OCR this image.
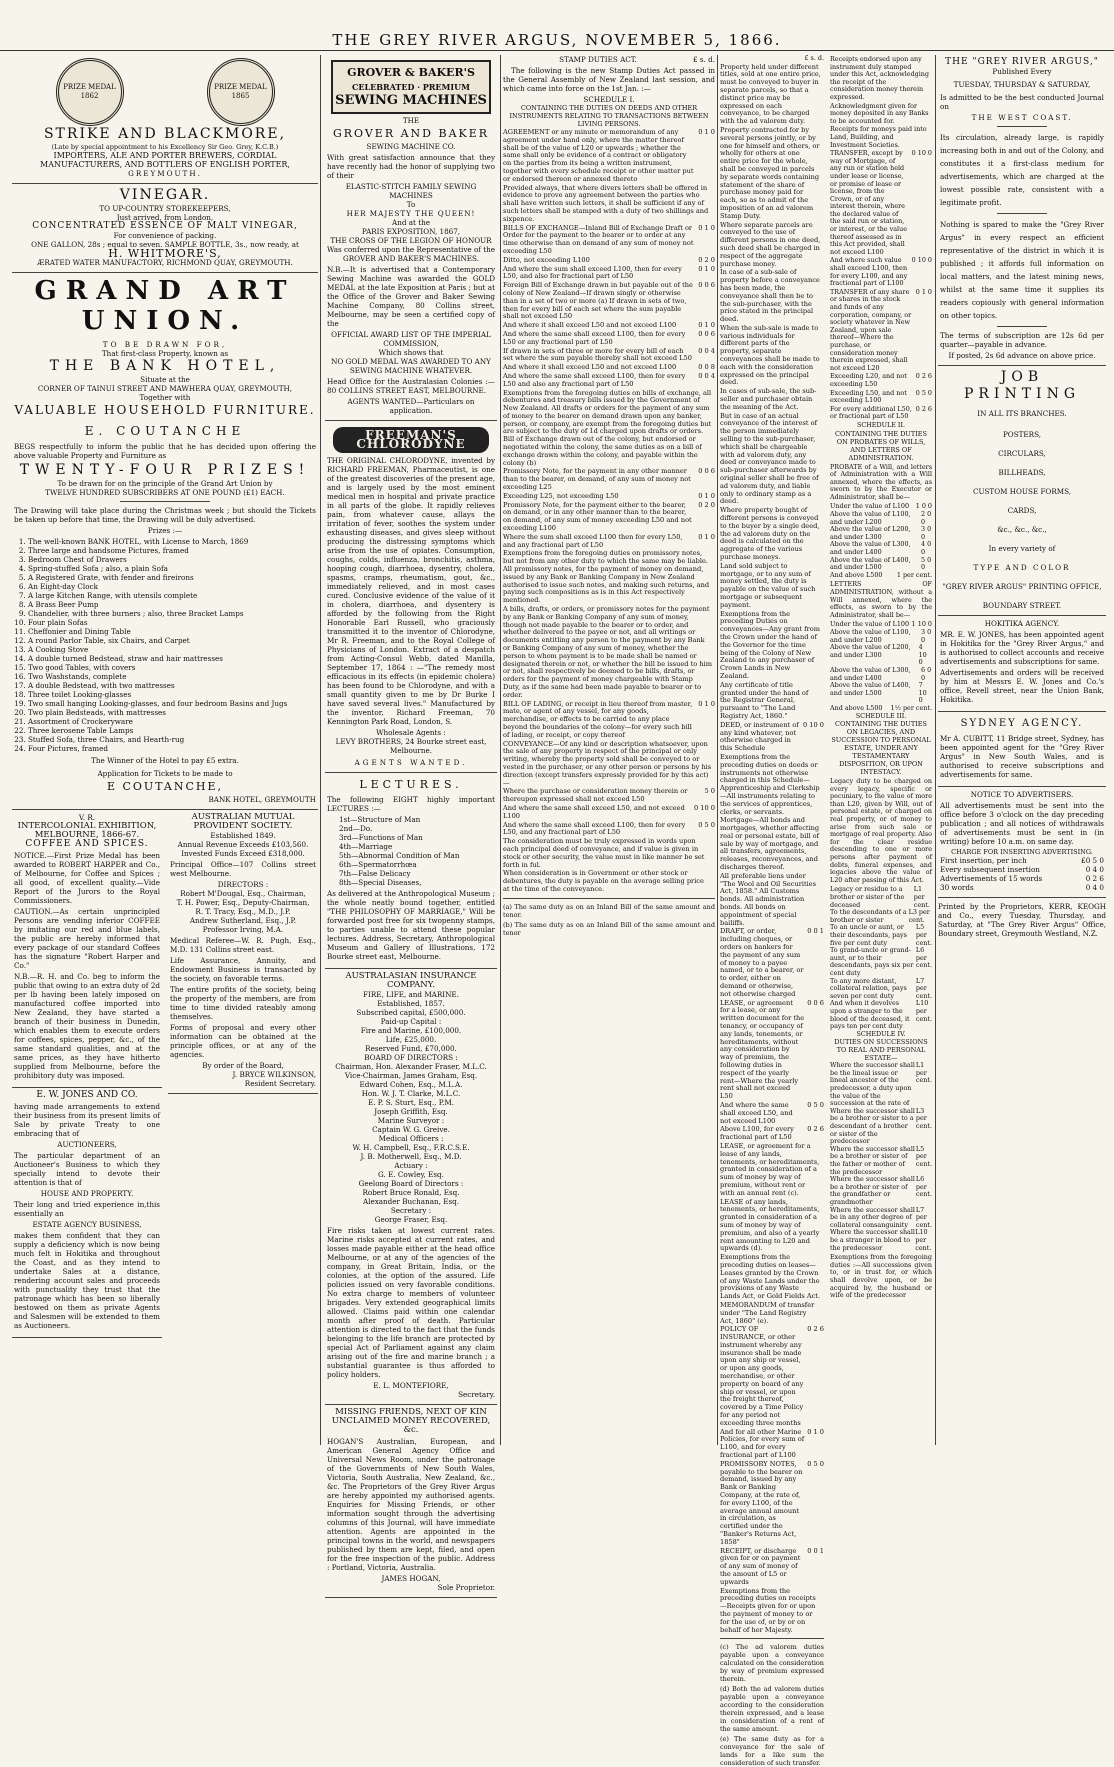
THE GREY RIVER ARGUS, NOVEMBER 5, 1866.
PRIZE MEDAL 1862
PRIZE MEDAL 1865
STRIKE AND BLACKMORE,
(Late by special appointment to his Excellency Sir Geo. Grey, K.C.B.)
IMPORTERS, ALE AND PORTER BREWERS, CORDIAL MANUFACTURERS, AND BOTTLERS OF ENGLISH PORTER,
GREYMOUTH.
VINEGAR.
TO UP-COUNTRY STOREKEEPERS,
Just arrived, from London,
CONCENTRATED ESSENCE OF MALT VINEGAR,
For convenience of packing.
ONE GALLON, 28s ; equal to seven. SAMPLE BOTTLE, 3s., now ready, at
H. WHITMORE'S,
ÆRATED WATER MANUFACTORY, RICHMOND QUAY, GREYMOUTH.
GRAND ART UNION.
TO BE DRAWN FOR,
That first-class Property, known as
THE BANK HOTEL,
Situate at the
CORNER OF TAINUI STREET AND MAWHERA QUAY, GREYMOUTH,
Together with
VALUABLE HOUSEHOLD FURNITURE.
E. COUTANCHE
BEGS respectfully to inform the public that he has decided upon offering the above valuable Property and Furniture as
TWENTY-FOUR PRIZES!
To be drawn for on the principle of the Grand Art Union by
TWELVE HUNDRED SUBSCRIBERS AT ONE POUND (£1) EACH.
The Drawing will take place during the Christmas week ; but should the Tickets be taken up before that time, the Drawing will be duly advertised.
Prizes :—
1. The well-known BANK HOTEL, with License to March, 1869
2. Three large and handsome Pictures, framed
3. Bedroom Chest of Drawers
4. Spring-stuffed Sofa ; also, a plain Sofa
5. A Registered Grate, with fender and fireirons
6. An Eight-day Clock
7. A large Kitchen Range, with utensils complete
8. A Brass Beer Pump
9. Chandelier, with three burners ; also, three Bracket Lamps
10. Four plain Sofas
11. Cheffonier and Dining Table
12. A round Parlor Table, six Chairs, and Carpet
13. A Cooking Stove
14. A double turned Bedstead, straw and hair mattresses
15. Two good Tables, with covers
16. Two Washstands, complete
17. A double Bedstead, with two mattresses
18. Three toilet Looking-glasses
19. Two small hanging Looking-glasses, and four bedroom Basins and Jugs
20. Two plain Bedsteads, with mattresses
21. Assortment of Crockeryware
22. Three kerosene Table Lamps
23. Stuffed Sofa, three Chairs, and Hearth-rug
24. Four Pictures, framed
The Winner of the Hotel to pay £5 extra.
Application for Tickets to be made to
E COUTANCHE,
BANK HOTEL, GREYMOUTH
V. R.
INTERCOLONIAL EXHIBITION, MELBOURNE, 1866-67.
COFFEE AND SPICES.
NOTICE.—First Prize Medal has been awarded to ROBERT HARPER and Co., of Melbourne, for Coffee and Spices ; all good, of excellent quality.—Vide Report of the Jurors to the Royal Commissioners.
CAUTION.—As certain unprincipled Persons are vending inferior COFFEE by imitating our red and blue labels, the public are hereby informed that every package of our standard Coffees has the signature "Robert Harper and Co."
N.B.—R. H. and Co. beg to inform the public that owing to an extra duty of 2d per lb having been lately imposed on manufactured coffee imported into New Zealand, they have started a branch of their business in Dunedin, which enables them to execute orders for coffees, spices, pepper, &c., of the same standard qualities, and at the same prices, as they have hitherto supplied from Melbourne, before the prohibitory duty was imposed.
E. W. JONES AND CO.
having made arrangements to extend their business from its present limits of Sale by private Treaty to one embracing that of
AUCTIONEERS,
The particular department of an Auctioneer's Business to which they specially intend to devote their attention is that of
HOUSE AND PROPERTY.
Their long and tried experience in,this essentially an
ESTATE AGENCY BUSINESS,
makes them confident that they can supply a deficiency which is now being much felt in Hokitika and throughout the Coast, and as they intend to undertake Sales at a distance, rendering account sales and proceeds with punctuality they trust that the patronage which has been so liberally bestowed on them as private Agents and Salesmen will be extended to them as Auctioneers.
AUSTRALIAN MUTUAL PROVIDENT SOCIETY.
Established 1849.
Annual Revenue Exceeds £103,560.
Invested Funds Exceed £318,000.
Principal Office—107 Collins street west Melbourne.
DIRECTORS :
Robert M'Dougal, Esq., Chairman,
T. H. Power, Esq., Deputy-Chairman,
R. T. Tracy, Esq., M.D., J.P.
Andrew Sutherland, Esq., J.P.
Professor Irving, M.A.
Medical Referee—W. R. Pugh, Esq., M.D. 131 Collins street east.
Life Assurance, Annuity, and Endowment Business is transacted by the society, on favorable terms.
The entire profits of the society, being the property of the members, are from time to time divided rateably among themselves.
Forms of proposal and every other information can be obtained at the principle offices, or at any of the agencies.
By order of the Board,
J. BRYCE WILKINSON,
Resident Secretary.
GROVER & BAKER'S
CELEBRATED · PREMIUM
SEWING MACHINES
THE
GROVER AND BAKER
SEWING MACHINE CO.
With great satisfaction announce that they have recently had the honor of supplying two of their
ELASTIC-STITCH FAMILY SEWING MACHINES
To
HER MAJESTY THE QUEEN!
And at the
PARIS EXPOSITION, 1867,
THE CROSS OF THE LEGION OF HONOUR
Was conferred upon the Representative of the
GROVER AND BAKER'S MACHINES.
N.B.—It is advertised that a Contemporary Sewing Machine was awarded the GOLD MEDAL at the late Exposition at Paris ; but at the Office of the Grover and Baker Sewing Machine Company, 80 Collins street, Melbourne, may be seen a certified copy of the
OFFICIAL AWARD LIST OF THE IMPERIAL COMMISSION,
Which shows that
NO GOLD MEDAL WAS AWARDED TO ANY SEWING MACHINE WHATEVER.
Head Office for the Australasian Colonies :— 80 COLLINS STREET EAST, MELBOURNE.
AGENTS WANTED—Particulars on application.
FREEMAN'S CHLORODYNE
THE ORIGINAL CHLORODYNE, invented by RICHARD FREEMAN, Pharmaceutist, is one of the greatest discoveries of the present age, and is largely used by the most eminent medical men in hospital and private practice in all parts of the globe. It rapidly relieves pain, from whatever cause, allays the irritation of fever, soothes the system under exhausting diseases, and gives sleep without producing the distressing symptoms which arise from the use of opiates. Consumption, coughs, colds, influenza, bronchitis, asthma, hooping cough, diarrhoea, dysentry, cholera, spasms, cramps, rheumatism, gout, &c., immediately relieved, and in most cases cured. Conclusive evidence of the value of it in cholera, diarrhoea, and dysentery is afforded by the following from the Right Honorable Earl Russell, who graciously transmitted it to the inventor of Chlorodyne, Mr R. Freeman, and to the Royal College of Physicians of London. Extract of a despatch from Acting-Consul Webb, dated Manilla, September 17, 1864 : —"The remedy most efficacious in its effects (in epidemic cholera) has been found to be Chlorodyne, and with a small quantity given to me by Dr Burke I have saved several lives." Manufactured by the inventor, Richard Freeman, 70 Kennington Park Road, London, S.
Wholesale Agents :
LEVY BROTHERS, 24 Bourke street east, Melbourne.
AGENTS WANTED.
LECTURES.
The following EIGHT highly important LECTURES :—
1st—Structure of Man
2nd—Do.
3rd—Functions of Man
4th—Marriage
5th—Abnormal Condition of Man
6th—Spermatorrhœa
7th—False Delicacy
8th—Special Diseases,
As delivered at the Anthropological Museum ; the whole neatly bound together, entitled "THE PHILOSOPHY OF MARRIAGE," Will be forwarded post free for six twopenny stamps, to parties unable to attend these popular lectures. Address, Secretary, Anthropological Museum and Gallery of Illustrations, 172 Bourke street east, Melbourne.
AUSTRALASIAN INSURANCE COMPANY.
FIRE, LIFE, and MARINE.
Established, 1857.
Subscribed capital, £500,000.
Paid-up Capital :
Fire and Marine, £100,000.
Life, £25,000.
Reserved Fund, £70,000.
BOARD OF DIRECTORS :
Chairman, Hon. Alexander Fraser, M.L.C.
Vice-Chairman, James Graham, Esq.
Edward Cohen, Esq., M.L.A.
Hon. W. J. T. Clarke, M.L.C.
E. P. S. Sturt, Esq., P.M.
Joseph Griffith, Esq.
Marine Surveyor :
Captain W. G. Greive.
Medical Officers :
W. H. Campbell, Esq., F.R.C.S.E.
J. B. Motherwell, Esq., M.D.
Actuary :
G. E. Cowley, Esq.
Geelong Board of Directors :
Robert Bruce Ronald, Esq.
Alexander Buchanan, Esq.
Secretary :
George Fraser, Esq.
Fire risks taken at lowest current rates. Marine risks accepted at current rates, and losses made payable either at the head office Melbourne, or at any of the agencies of the company, in Great Britain, India, or the colonies, at the option of the assured. Life policies issued on very favorable conditions. No extra charge to members of volunteer brigades. Very extended geographical limits allowed. Claims paid within one calendar month after proof of death. Particular attention is directed to the fact that the funds belonging to the life branch are protected by special Act of Parliament against any claim arising out of the fire and marine branch ; a substantial guarantee is thus afforded to policy holders.
E. L. MONTEFIORE,
Secretary.
MISSING FRIENDS, NEXT OF KIN UNCLAIMED MONEY RECOVERED, &c.
HOGAN'S Australian, European, and American General Agency Office and Universal News Room, under the patronage of the Governments of New South Wales, Victoria, South Australia, New Zealand, &c., &c. The Proprietors of the Grey River Argus are hereby appointed my authorised agents. Enquiries for Missing Friends, or other information sought through the advertising columns of this Journal, will have immediate attention. Agents are appointed in the principal towns in the world, and newspapers published by them are kept, filed, and open for the free inspection of the public. Address : Portland, Victoria, Australia.
JAMES HOGAN,
Sole Proprietor.
STAMP DUTIES ACT.	£ s. d.
The following is the new Stamp Duties Act passed in the General Assembly of New Zealand last session, and which came into force on the 1st Jan. :—
SCHEDULE I.
CONTAINING THE DUTIES ON DEEDS AND OTHER INSTRUMENTS RELATING TO TRANSACTIONS BETWEEN LIVING PERSONS.
AGREEMENT or any minute or memorandum of any agreement under hand only, where the matter thereof shall be of the value of L20 or upwards ; whether the same shall only be evidence of a contract or obligatory on the parties from its being a written instrument, together with every schedule receipt or other matter put or endorsed thereon or annexed thereto
0 1 0
Provided always, that where divers letters shall be offered in evidence to prove any agreement between the parties who shall have written such letters, it shall be sufficient if any of such letters shall be stamped with a duty of two shillings and sixpence.
BILLS OF EXCHANGE—Inland Bill of Exchange Draft or Order for the payment to the bearer or to order at any time otherwise than on demand of any sum of money not exceeding L50
0 1 0
Ditto, not exceeding L100	0 2 0
And where the sum shall exceed L100, then for every L50, and also for fractional part of L50
0 1 0
Foreign Bill of Exchange drawn in but payable out of the colony of New Zealand—If drawn singly or otherwise than in a set of two or more (a) If drawn in sets of two, then for every bill of each set where the sum payable shall not exceed L50
0 0 6
And where it shall exceed L50 and not exceed L100	0 1 0
And where the same shall exceed L100, then for every L50 or any fractional part of L50
0 0 6
If drawn in sets of three or more for every bill of each set where the sum payable thereby shall not exceed L50
0 0 4
And where it shall exceed L50 and not exceed L100	0 0 8
And where the same shall exceed L100, then for every L50 and also any fractional part of L50
0 0 4
Exemptions from the foregoing duties on bills of exchange, all debentures and treasury bills issued by the Government of New Zealand. All drafts or orders for the payment of any sum of money to the bearer on demand drawn upon any banker, person, or company, are exempt from the foregoing duties but are subject to the duty of 1d charged upon drafts or orders. Bill of Exchange drawn out of the colony, but endorsed or negotiated within the colony, the same duties as on a bill of exchange drawn within the colony, and payable within the colony (b)
Promissory Note, for the payment in any other manner than to the bearer, on demand, of any sum of money not exceeding L25
0 0 6
Exceeding L25, not exceeding L50	0 1 0
Promissory Note, for the payment either to the bearer, on demand, or in any other manner than to the bearer, on demand, of any sum of money exceeding L50 and not exceeding L100
0 2 0
Where the sum shall exceed L100 then for every L50, and any fractional part of L50
0 1 0
Exemptions from the foregoing duties on promissory notes, but not from any other duty to which the same may be liable. All promissory notes, for the payment of money on demand, issued by any Bank or Banking Company in New Zealand authorised to issue such notes, and making such returns, and paying such compositions as is in this Act respectively mentioned.
A bills, drafts, or orders, or promissory notes for the payment by any Bank or Banking Company of any sum of money, though not made payable to the bearer or to order, and whether delivered to the payee or not, and all writings or documents entitling any person to the payment by any Bank or Banking Company of any sum of money, whether the person to whom payment is to be made shall be named or designated therein or not, or whether the bill be issued to him or not, shall respectively be deemed to be bills, drafts, or orders for the payment of money chargeable with Stamp Duty, as if the same had been made payable to bearer or to order.
BILL OF LADING, or receipt in lieu thereof from master, mate, or agent of any vessel, for any goods, merchandise, or effects to be carried to any place beyond the boundaries of the colony—for every such bill of lading, or receipt, or copy thereof
0 1 0
CONVEYANCE—Of any kind or description whatsoever, upon the sale of any property in respect of the principal or only writing, whereby the property sold shall be conveyed to or vested in the purchaser, or any other person or persons by his direction (except transfers expressly provided for by this act)—
Where the purchase or consideration money therein or thereupon expressed shall not exceed L50
5 0
And where the same shall exceed L50, and not exceed L100
0 10 0
And where the same shall exceed L100, then for every L50, and any fractional part of L50
0 5 0
The consideration must be truly expressed in words upon each principal deed of conveyance, and if value is given in stock or other security, the value must in like manner be set forth in ful.
When consideration is in Government or other stock or debentures, the duty is payable on the average selling price at the time of the conveyance.
(a) The same duty as on an Inland Bill of the same amount and tenor.
(b) The same duty as on an Inland Bill of the same amount and tenor
£ s. d.
Property held under different titles, sold at one entire price, must be conveyed to buyer in separate parcels, so that a distinct price may be expressed on each conveyance, to be charged with the ad valorem duty.
Property contracted for by several persons jointly, or by one for himself and others, or wholly for others at one entire price for the whole, shall be conveyed in parcels by separate words containing statement of the share of purchase money paid for each, so as to admit of the imposition of an ad valorem Stamp Duty.
Where separate parcels are conveyed to the use of different persons in one deed, such deed shall be charged in respect of the aggregate purchase money.
In case of a sub-sale of property before a conveyance has been made, the conveyance shall then be to the sub-purchaser, with the price stated in the principal deed.
When the sub-sale is made to various individuals for different parts of the property, separate conveyances shall be made to each with the consideration expressed on the principal deed.
In cases of sub-sale, the sub-seller and purchaser obtain the meaning of the Act.
But in case of an actual conveyance of the interest of the person immediately selling to the sub-purchaser, which shall be chargeable with ad valorem duty, any deed or conveyance made to sub-purchaser afterwards by original seller shall be free of ad valorem duty, and liable only to ordinary stamp as a deed.
Where property bought of different persons is conveyed to the buyer by a single deed, the ad valorem duty on the deed is calculated on the aggregate of the various purchase moneys.
Land sold subject to mortgage, or to any sum of money settled, the duty is payable on the value of such mortgage or subsequent payment.
Exemptions from the preceding Duties on conveyances—Any grant from the Crown under the hand of the Governor for the time being of the Colony of New Zealand to any purchaser of Crown Lands in New Zealand.
Any certificate of title granted under the hand of the Registrar General, pursuant to "The Land Registry Act, 1860."
DEED, or instrument of any kind whatever, not otherwise charged in this Schedule
0 10 0
Exemptions from the preceding duties on deeds or instruments not otherwise charged in this Schedule—Apprenticeship and Clerkship—All instruments relating to the services of apprentices, clerks, or servants.
Mortgage—All bonds and mortgages, whether affecting real or personal estate, bill of sale by way of mortgage, and all transfers, agreements, releases, reconveyances, and discharges thereof.
All preferable liens under "The Wool and Oil Securities Act, 1858." All Customs bonds. All administration bonds. All bonds on appointment of special bailiffs.
DRAFT, or order, including cheques, or orders on bankers for the payment of any sum of money to a payee named, or to a bearer, or to order, either on demand or otherwise, not otherwise charged
0 0 1
LEASE, or agreement for a lease, or any written document for the tenancy, or occupancy of any lands, tenements, or hereditaments, without any consideration by way of premium, the following duties in respect of the yearly rent—Where the yearly rent shall not exceed L50
0 0 6
And where the same shall exceed L50, and not exceed L100
0 5 0
Above L100, for every fractional part of L50
0 2 6
LEASE, or agreement for a lease of any lands, tenements, or hereditaments, granted in consideration of a sum of money by way of premium, without rent or with an annual rent (c).
LEASE of any lands, tenements, or hereditaments, granted in consideration of a sum of money by way of premium, and also of a yearly rent amounting to L20 and upwards (d).
Exemptions from the preceding duties on leases—Leases granted by the Crown of any Waste Lands under the provisions of any Waste Lands Act, or Gold Fields Act.
MEMORANDUM of transfer under "The Land Registry Act, 1860" (e).
POLICY OF INSURANCE, or other instrument whereby any insurance shall be made upon any ship or vessel, or upon any goods, merchandise, or other property on board of any ship or vessel, or upon the freight thereof, covered by a Time Policy for any period not exceeding three months
0 2 6
And for all other Marine Policies, for every sum of L100, and for every fractional part of L100
0 1 0
PROMISSORY NOTES, payable to the bearer on demand, issued by any Bank or Banking Company, at the rate of, for every L100, of the average annual amount in circulation, as certified under the "Banker's Returns Act, 1858"
0 5 0
RECEIPT, or discharge given for or on payment of any sum of money of the amount of L5 or upwards
0 0 1
Exemptions from the preceding duties on receipts—Receipts given for or upon the payment of money to or for the use of, or by or on behalf of her Majesty.
(c) The ad valorem duties payable upon a conveyance calculated on the consideration by way of premium expressed therein.
(d) Both the ad valorem duties payable upon a conveyance according to the consideration therein expressed, and a lease in consideration of a rent of the same amount.
(e) The same duty as for a conveyance for the sale of lands for a like sum the consideration of such transfer.
THE "GREY RIVER ARGUS,"
Published Every
TUESDAY, THURSDAY & SATURDAY,
Is admitted to be the best conducted Journal on
THE WEST COAST.
Its circulation, already large, is rapidly increasing both in and out of the Colony, and constitutes it a first-class medium for advertisements, which are charged at the lowest possible rate, consistent with a legitimate profit.
Nothing is spared to make the "Grey River Argus" in every respect an efficient representative of the district in which it is published ; it affords full information on local matters, and the latest mining news, whilst at the same time it supplies its readers copiously with general information on other topics.
The terms of subscription are 12s 6d per quarter—payable in advance.
If posted, 2s 6d advance on above price.
JOB PRINTING
IN ALL ITS BRANCHES.
POSTERS,
CIRCULARS,
BILLHEADS,
CUSTOM HOUSE FORMS,
CARDS,
&c., &c., &c.,
In every variety of
TYPE AND COLOR
"GREY RIVER ARGUS" PRINTING OFFICE,
BOUNDARY STREET.
HOKITIKA AGENCY.
MR. E. W. JONES, has been appointed agent in Hokitika for the "Grey River Argus," and is authorised to collect accounts and receive advertisements and subscriptions for same.
Advertisements and orders will be received by him at Messrs E. W. Jones and Co.'s office, Revell street, near the Union Bank, Hokitika.
SYDNEY AGENCY.
Mr A. CUBITT, 11 Bridge street, Sydney, has been appointed agent for the "Grey River Argus" in New South Wales, and is authorised to receive subscriptions and advertisements for same.
NOTICE TO ADVERTISERS.
All advertisements must be sent into the office before 3 o'clock on the day preceding publication ; and all notices of withdrawals of advertisements must be sent in (in writing) before 10 a.m. on same day.
CHARGE FOR INSERTING ADVERTISING.
First insertion, per inch	£0 5 0
Every subsequent insertion	0 4 0
Advertisements of 15 words	0 2 6
30 words	0 4 0
Printed by the Proprietors, KERR, KEOGH and Co., every Tuesday, Thursday, and Saturday, at "The Grey River Argus" Office, Boundary street, Greymouth Westland, N.Z.
Receipts endorsed upon any instrument duly stamped under this Act, acknowledging the receipt of the consideration money therein expressed.
Acknowledgment given for money deposited in any Banks to be accounted for.
Receipts for moneys paid into Land, Building, and Investment Societies.
TRANSFER, except by way of Mortgage, of any run or station held under lease or license, or promise of lease or license, from the Crown, or of any interest therein, where the declared value of the said run or station, or interest, or the value thereof assessed as in this Act provided, shall not exceed L100
0 10 0
And where such value shall exceed L100, then for every L100, and any fractional part of L100
0 10 0
TRANSFER of any share or shares in the stock and funds of any corporation, company, or society whatever in New Zealand, upon sale thereof—Where the purchase, or consideration money therein expressed, shall not exceed L20
0 1 0
Exceeding L20, and not exceeding L50
0 2 6
Exceeding L50, and not exceeding L100
0 5 0
For every additional L50, or fractional part of L50
0 2 6
SCHEDULE II.
CONTAINING THE DUTIES ON PROBATES OF WILLS, AND LETTERS OF ADMINISTRATION.
PROBATE of a Will, and letters of Administration with a Will annexed, where the effects, as sworn to by the Executor or Administrator, shall be—
Under the value of L100 1 0 0
Above the value of L100, and under L200
2 0 0
Above the value of L200, and under L300
3 0 0
Above the value of L300, and under L400
4 0 0
Above the value of L400, and under L500
5 0 0
And above L500 1 per cent.
LETTERS OF ADMINISTRATION, without a Will annexed, where the effects, as sworn to by the Administrator, shall be—
Under the value of L100 1 10 0
Above the value of L100, and under L200
3 0 0
Above the value of L200, and under L300
4 10 0
Above the value of L300, and under L400
6 0 0
Above the value of L400, and under L500
7 10 0
And above L500 1½ per cent.
SCHEDULE III.
CONTAINING THE DUTIES ON LEGACIES, AND SUCCESSION TO PERSONAL ESTATE, UNDER ANY TESTAMENTARY DISPOSITION, OR UPON INTESTACY.
Legacy duty to be charged on every legacy, specific or pecuniary, to the value of more than L20, given by Will, out of personal estate, or charged on real property, or of money to arise from such sale or mortgage of real property. Also for the clear residue descending to one or more persons after payment of debts, funeral expenses, and legacies above the value of L20 after passing of this Act.
Legacy or residue to a brother or sister of the deceased
L1 per cent.
To the descendants of a brother or sister
L3 per cent.
To an uncle or aunt, or their descendants, pays five per cent duty
L5 per cent.
To grand-uncle or grand-aunt, or to their descendants, pays six per cent duty
L6 per cent.
To any more distant, collateral relation, pays seven per cent duty
L7 per cent.
And when it devolves upon a stranger to the blood of the deceased, it pays ten per cent duty
L10 per cent.
SCHEDULE IV.
DUTIES ON SUCCESSIONS TO REAL AND PERSONAL ESTATE—
Where the successor shall be the lineal issue or lineal ancestor of the predecessor, a duty upon the value of the succession at the rate of
L1 per cent.
Where the successor shall be a brother or sister to a descendant of a brother or sister of the predecessor
L3 per cent.
Where the successor shall be a brother or sister of the father or mother of the predecessor
L5 per cent.
Where the successor shall be a brother or sister of the grandfather or grandmother
L6 per cent.
Where the successor shall be in any other degree of collateral consanguinity
L7 per cent.
Where the successor shall be a stranger in blood to the predecessor
L10 per cent.
Exemptions from the foregoing duties :—All successions given to, or in trust for, or which shall devolve upon, or be acquired by, the husband or wife of the predecessor
